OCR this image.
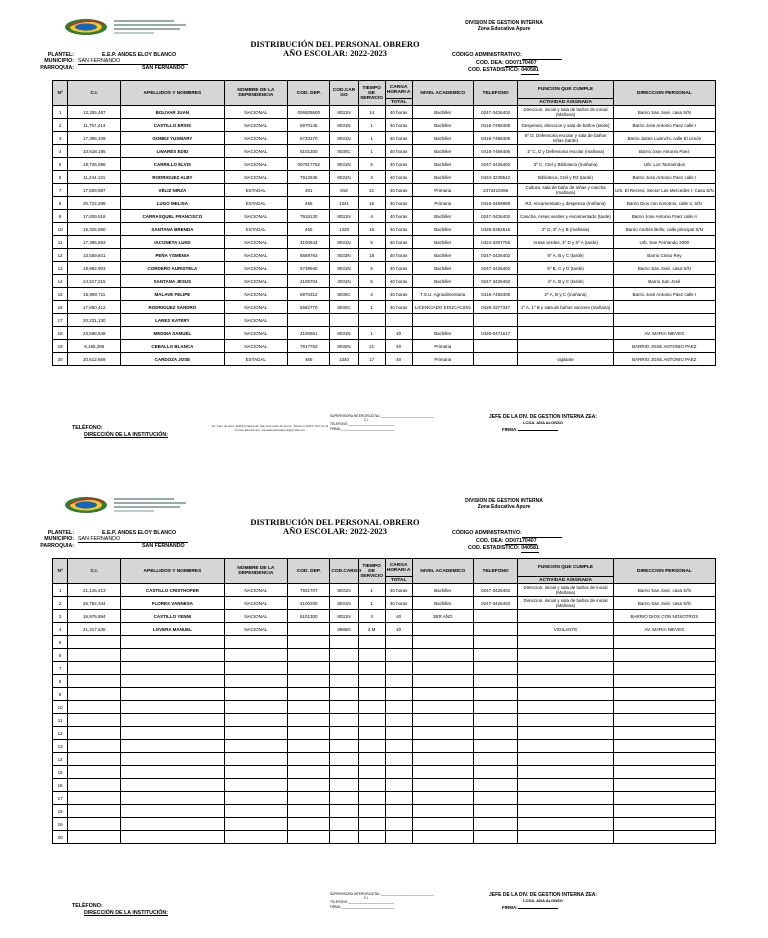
DIVISION DE GESTION INTERNA
Zona Educativa Apure
DISTRIBUCIÓN DEL PERSONAL OBRERO
AÑO ESCOLAR: 2022-2023
PLANTEL:	E.E.P. ANDES ELOY BLANCO
MUNICIPIO: SAN FERNANDO
PARROQUIA:	SAN FERNANDO
CÓDIGO ADMINISTRATIVO:
COD. DEA: OD07170407
COD. ESTADISTICO: 040581
Nº	C.I.	APELLIDOS Y NOMBRES	NOMBRE DE LA DEPENDENCIA	COD. DEP.	COD.CAR GO	TIEMPO DE SERVICIO	CARGA HORARI A	NIVEL ACADEMICO	TELEFONO	FUNCION QUE CUMPLE	DIRECCION PERSONAL
							TOTAL			ACTIVIDAD ASIGNADA	
1	13,255,487	BOLIVAR JUAN	NACIONAL	006505600	8031N	14	40 horas	Bachiller	0247-3426402	Direccion, inicial y sala de baños de inicial (Mañana)	Barrio San José, casa S/N
2	11,757,414	CASTILLO ERSIS	NACIONAL	6970145	8031N	1	40 horas	Bachiller	0416-7468406	Despensa, direccion y sala de baños (tarde)	Barrio Jose Antonio Paez calle I
3	17,396,109	GOMEZ YUSMARY	NACIONAL	6733370	8031N	1	40 horas	Bachiller	0416-7468406	6º D, Defensoria escolar y sala de baños niñas (tarde)	Barrio Jaime Lusinchi, calle El Limón
4	10,618,195	LINARES EDID	NACIONAL	6101300	8030C	1	40 horas	Bachiller	0416-7468406	1º C, D y Defensoria escolar (mañana)	Barrio Jose Antonio Paez
5	18,726,096	CARRILLO ELVIS	NACIONAL	007917752	8031N	5	40 horas	Bachiller	0247-3426402	3º C, Ctel y Biblioteca (mañana)	Urb. Los Tamarindos
6	11,244,131	RODRIGUEZ ALBY	NACIONAL	7912636	8031N	3	40 horas	Bachiller	0424-3239542	Biblioteca, Ctel y R3 (tarde)	Barrio Jose Antonio Paez calle I
7	17,609,887	VÉLIZ NIRZA	ESTADAL	461	918	21	40 horas	Primaria	2473410496	Cultura, sala de baño de niñas y cancha (mañana)	Urb. El Recreo, Sector Las Mercedes I, Casa S/N
8	20,722,289	LUGO MELISA	ESTADAL	465	1341	16	40 horas	Primaria	0416-3459889	R3, encamentado y despensa (mañana)	Barrio Dios con nosotros, calle 3, S/N
9	17,609,518	CARRASQUEL FRANCISCO	NACIONAL	7915130	8031N	4	40 horas	Bachiller	0247-3426402	Cancha, Areas verdes y encamentado (tarde)	Barrio Jose Antonio Paez calle II
10	19,325,890	SANTANA BRENDA	ESTADAL	465	1328	16	40 horas	Bachiller	0426-6392615	2º D, 3º A y B (mañana)	Barrio Andrés Bello, calle principal S/N
11	17,395,593	IACONETA LUIGI	NACIONAL	4100644	8031N	5	40 horas	Bachiller	0424-3207755	Areas verdes, 4º D y 5º A (tarde)	Urb. San Fernando 2000
12	13,559,841	PEÑA YSMENIA	NACIONAL	6589763	8033N	18	40 horas	Bachiller	0247-3426402	6º A, B y C (tarde)	Barrio Cristo Rey
13	18,992,903	CORDERO AURISTELA	NACIONAL	6739940	8031N	5	40 horas	Bachiller	0247-3426402	5º B, C y D (tarde)	Barrio San José, casa S/N
14	24,517,015	SANTANA JESUS	NACIONAL	4105704	3031N	5	40 horas	Bachiller	0247-3426402	4º A, B y C (tarde)	Barrio San José
15	15,999,711	MALAVE FELIPE	NACIONAL	6970312	8030C	2	40 horas	T.S.U. Agroalimentaria	0416-7468406	2º A, B y C (mañana)	Barrio Jose Antonio Paez calle I
16	17,850,412	RODRIGUEZ SANDRO	NACIONAL	6582770	8030C	1	40 horas	LICENCIADO EDUCACION	0426-3377347	1º A, 1º B y sala de baños varones (mañana)	
17	20,231,130	LARES KATERY	NACIONAL								
18	23,698,548	MEDINA SAMUEL	NACIONAL	4100661	8031N	1	40	Bachiller	0426-0471617		AV. MARIA NIEVES
19	8,165,286	CEBALLO BLANCA	NACIONAL	7917752	8030N	21	40	Primaria			BARRIO JOSE ANTONIO PAEZ
20	20,612,669	CARDOZA JOSE	ESTADAL	465	1340	17	40	Primaria		vigilante	BARRIO JOSE ANTONIO PAEZ
TELÉFONO:
DIRECCIÓN DE LA INSTITUCIÓN:
Av. Caro de Zuro. Edificio Nacional, San Fernando de Apure. Teléfono (0247) 341.21.41
Correo Electrónico: zonaeducativaapure@gmail.com
SUPERVISORA INTERCIRCUITAL:______________________________
C.I.
TELEFONO:__________________________
FIRMA:______________________________
JEFE DE LA DIV. DE GESTION INTERNA ZEA:
LCDA. ANA ALONSO
FIRMA:
DIVISION DE GESTION INTERNA
Zona Educativa Apure
DISTRIBUCIÓN DEL PERSONAL OBRERO
AÑO ESCOLAR: 2022-2023
PLANTEL:	E.E.P. ANDES ELOY BLANCO
MUNICIPIO: SAN FERNANDO
PARROQUIA:	SAN FERNANDO
CÓDIGO ADMINISTRATIVO:
COD. DEA: OD07170407
COD. ESTADISTICO: 040581
Nº	C.I.	APELLIDOS Y NOMBRES	NOMBRE DE LA DEPENDENCIA	COD. DEP.	COD.CARGO	TIEMPO DE SERVICIO	CARGA HORARI A	NIVEL ACADEMICO	TELEFONO	FUNCION QUE CUMPLE	DIRECCION PERSONAL
							TOTAL			ACTIVIDAD ASIGNADA	
1	21,145,413	CASTILLO CRISTHOFER	NACIONAL	7931707	8031N	1	40 horas	Bachiller	0247-3426402	Direccion, inicial y sala de baños de inicial (Mañana)	Barrio San José, casa S/N
2	26,762,344	FLORES VANNESA	NACIONAL	4100200	8031N	1	40 horas	Bachiller	0247-3426402	Direccion, inicial y sala de baños de inicial (Mañana)	Barrio San José, casa S/N
3	16,976,884	CASTILLO YENNI	NACIONAL	6101300	8031N	3	40	3ER AÑO			BARRIO DIOS CON NOSOTROS
4	21,317,636	LOVERA MANUEL	NACIONAL		8985N	2 M	40			VIGILANTE	AV. MARIA NIEVES
5											
6											
7											
8											
9											
10											
11											
12											
13											
14											
15											
16											
17											
18											
19											
20											
TELÉFONO:
DIRECCIÓN DE LA INSTITUCIÓN:
SUPERVISORA INTERCIRCUITAL:______________________________
C.I.
TELEFONO:__________________________
FIRMA:______________________________
JEFE DE LA DIV. DE GESTION INTERNA ZEA:
LCDA. ANA ALONSO
FIRMA:
